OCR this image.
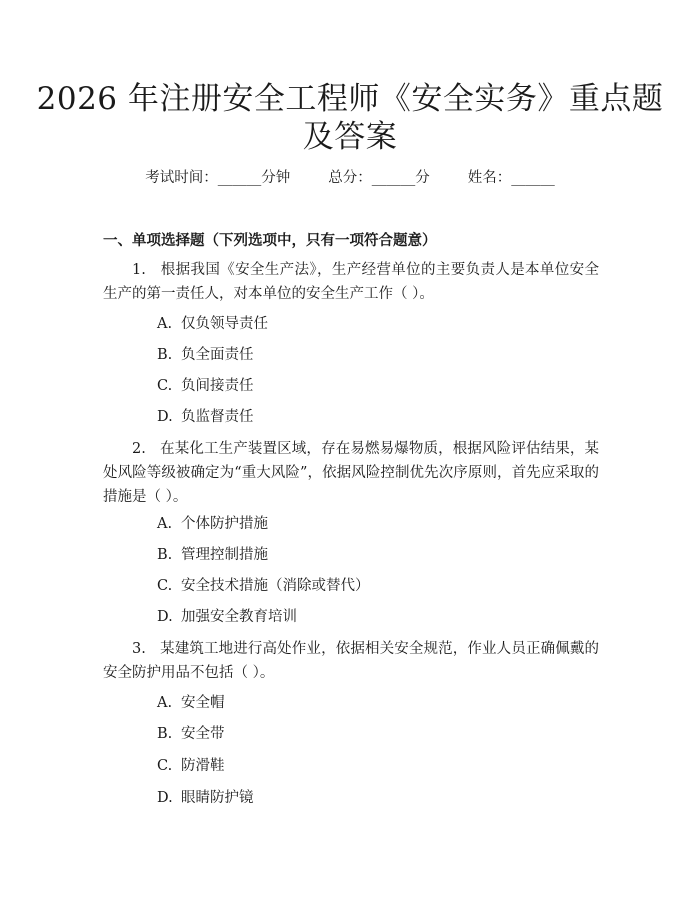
2026 年注册安全工程师《安全实务》重点题
及答案
考试时间：______分钟	总分：______分	姓名：______
一、单项选择题（下列选项中，只有一项符合题意）
1. 根据我国《安全生产法》，生产经营单位的主要负责人是本单位安全生产的第一责任人，对本单位的安全生产工作（ ）。
A. 仅负领导责任
B. 负全面责任
C. 负间接责任
D. 负监督责任
2. 在某化工生产装置区域，存在易燃易爆物质，根据风险评估结果，某处风险等级被确定为“重大风险”，依据风险控制优先次序原则，首先应采取的措施是（ ）。
A. 个体防护措施
B. 管理控制措施
C. 安全技术措施（消除或替代）
D. 加强安全教育培训
3. 某建筑工地进行高处作业，依据相关安全规范，作业人员正确佩戴的安全防护用品不包括（ ）。
A. 安全帽
B. 安全带
C. 防滑鞋
D. 眼睛防护镜
